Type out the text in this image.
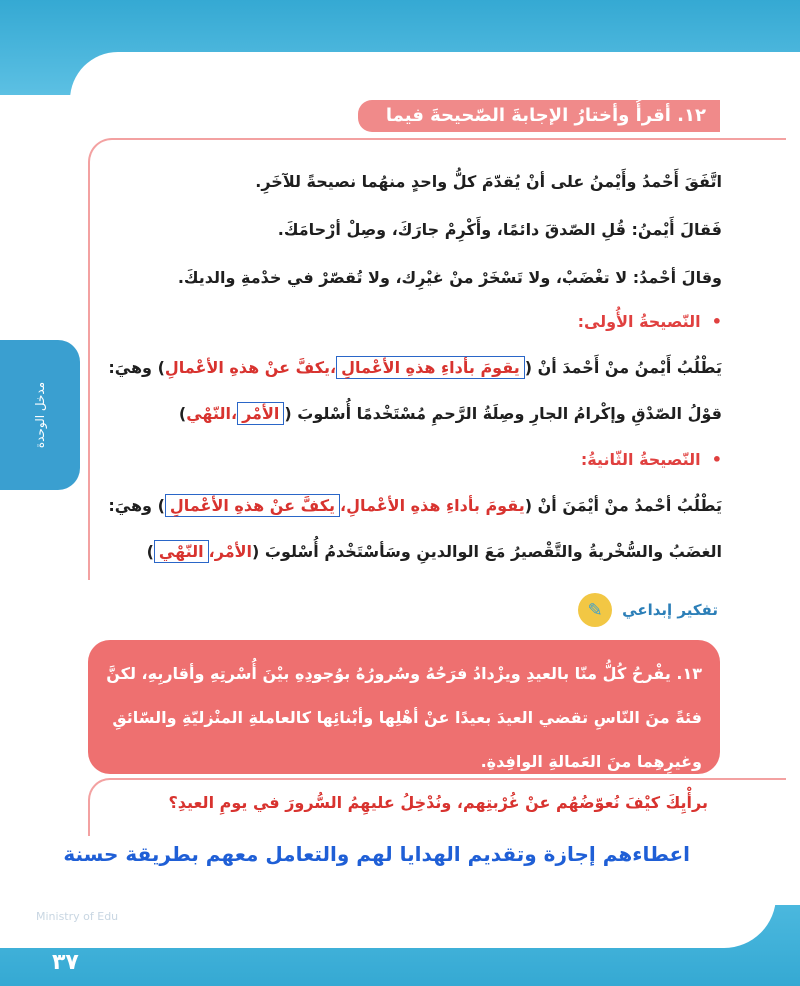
مدخل الوحدة
١٢. أقرأُ وأختارُ الإجابةَ الصّحيحةَ فيما يأتي:
اتَّفَقَ أَحْمدُ وأَيْمنُ على أنْ يُقدّمَ كلُّ واحدٍ منهُما نصيحةً للآخَرِ.
فَقالَ أَيْمنُ: قُلِ الصّدقَ دائمًا، وأَكْرِمْ جارَكَ، وصِلْ أرْحامَكَ.
وقالَ أحْمدُ: لا تغْضَبْ، ولا تَسْخَرْ منْ غيْرِك، ولا تُقصّرْ في خدْمةِ والديكَ.
•  النّصيحةُ الأُولى:
يَطْلُبُ أَيْمنُ منْ أَحْمدَ أنْ (يقومَ بأداءِ هذهِ الأعْمالِ،يكفَّ عنْ هذهِ الأعْمالِ) وهيَ:
قوْلُ الصّدْقِ وإكْرامُ الجارِ وصِلَةُ الرَّحمِ مُسْتَخْدمًا أُسْلوبَ (الأمْر،النّهْي)
•  النّصيحةُ الثّانيةُ:
يَطْلُبُ أحْمدُ منْ أيْمَنَ أنْ (يقومَ بأداءِ هذهِ الأعْمالِ،يكفَّ عنْ هذهِ الأعْمالِ) وهيَ:
الغضَبُ والسُّخْريةُ والتَّقْصيرُ مَعَ الوالدينِ وسَأسْتَخْدمُ أُسْلوبَ (الأمْر،النّهْي)
تفكير إبداعي
✎
١٣. يفْرحُ كُلُّ منّا بالعيدِ ويزْدادُ فرَحُهُ وسُرورُهُ بوُجودِهِ بيْنَ أُسْرتِهِ وأقاربِهِ، لكنَّ فئةً منَ النّاسِ تقضي العيدَ بعيدًا عنْ أهْلِها وأبْنائِها كالعاملةِ المنْزليّةِ والسّائقِ وغيرِهِما منَ العَمالةِ الوافِدةِ.
برأْيِكَ كيْفَ نُعوّضُهُم عنْ غُرْبتِهم، ونُدْخِلُ عليهِمُ السُّرورَ في يومِ العيدِ؟
اعطاءهم إجازة وتقديم الهدايا لهم والتعامل معهم بطريقة حسنة
Ministry of Edu
٣٧
